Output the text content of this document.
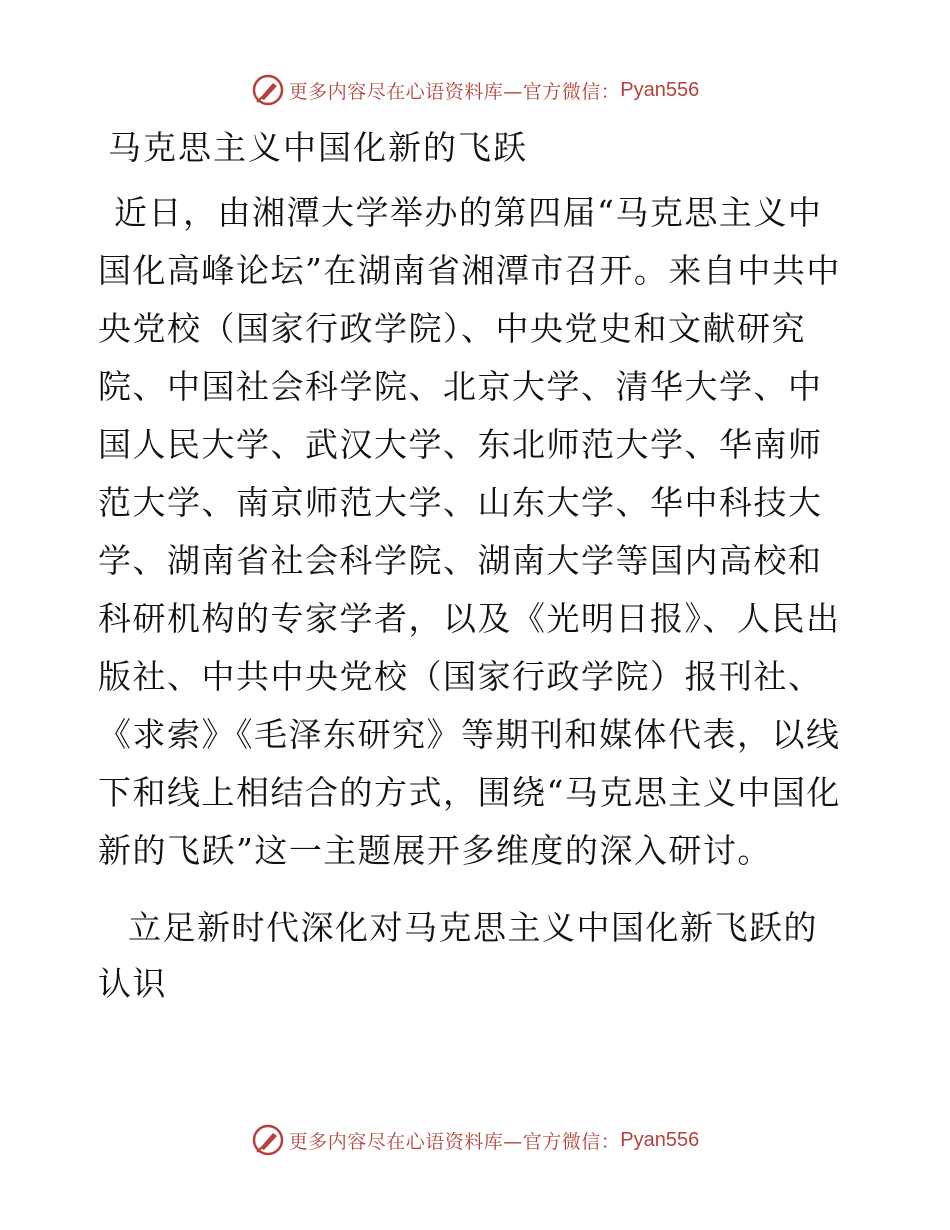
更多内容尽在心语资料库—官方微信： Pyan556
马克思主义中国化新的飞跃

近日，由湘潭大学举办的第四届“马克思主义中国化高峰论坛”在湖南省湘潭市召开。来自中共中央党校（国家行政学院）、中央党史和文献研究院、中国社会科学院、北京大学、清华大学、中国人民大学、武汉大学、东北师范大学、华南师范大学、南京师范大学、山东大学、华中科技大学、湖南省社会科学院、湖南大学等国内高校和科研机构的专家学者，以及《光明日报》、人民出版社、中共中央党校（国家行政学院）报刊社、《求索》《毛泽东研究》等期刊和媒体代表，以线下和线上相结合的方式，围绕“马克思主义中国化新的飞跃”这一主题展开多维度的深入研讨。

立足新时代深化对马克思主义中国化新飞跃的认识

更多内容尽在心语资料库—官方微信： Pyan556
